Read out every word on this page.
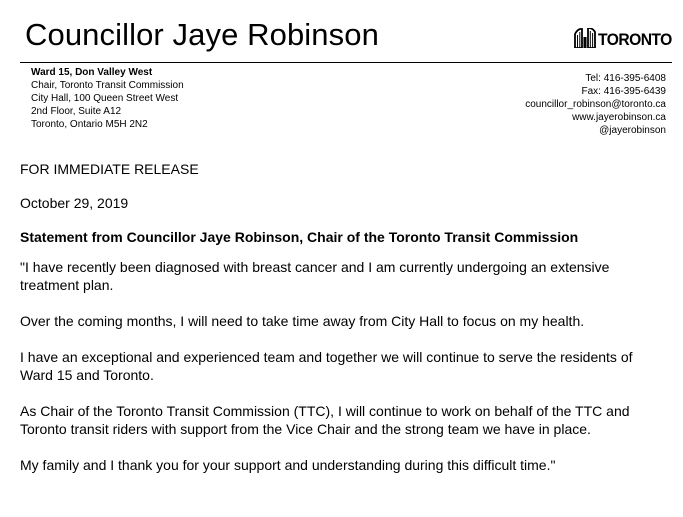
Councillor Jaye Robinson	TORONTO
Ward 15, Don Valley West
Chair, Toronto Transit Commission
City Hall, 100 Queen Street West
2nd Floor, Suite A12
Toronto, Ontario M5H 2N2
Tel: 416-395-6408
Fax: 416-395-6439
councillor_robinson@toronto.ca
www.jayerobinson.ca
@jayerobinson

FOR IMMEDIATE RELEASE

October 29, 2019

Statement from Councillor Jaye Robinson, Chair of the Toronto Transit Commission

"I have recently been diagnosed with breast cancer and I am currently undergoing an extensive treatment plan.

Over the coming months, I will need to take time away from City Hall to focus on my health.

I have an exceptional and experienced team and together we will continue to serve the residents of Ward 15 and Toronto.

As Chair of the Toronto Transit Commission (TTC), I will continue to work on behalf of the TTC and Toronto transit riders with support from the Vice Chair and the strong team we have in place.

My family and I thank you for your support and understanding during this difficult time."
